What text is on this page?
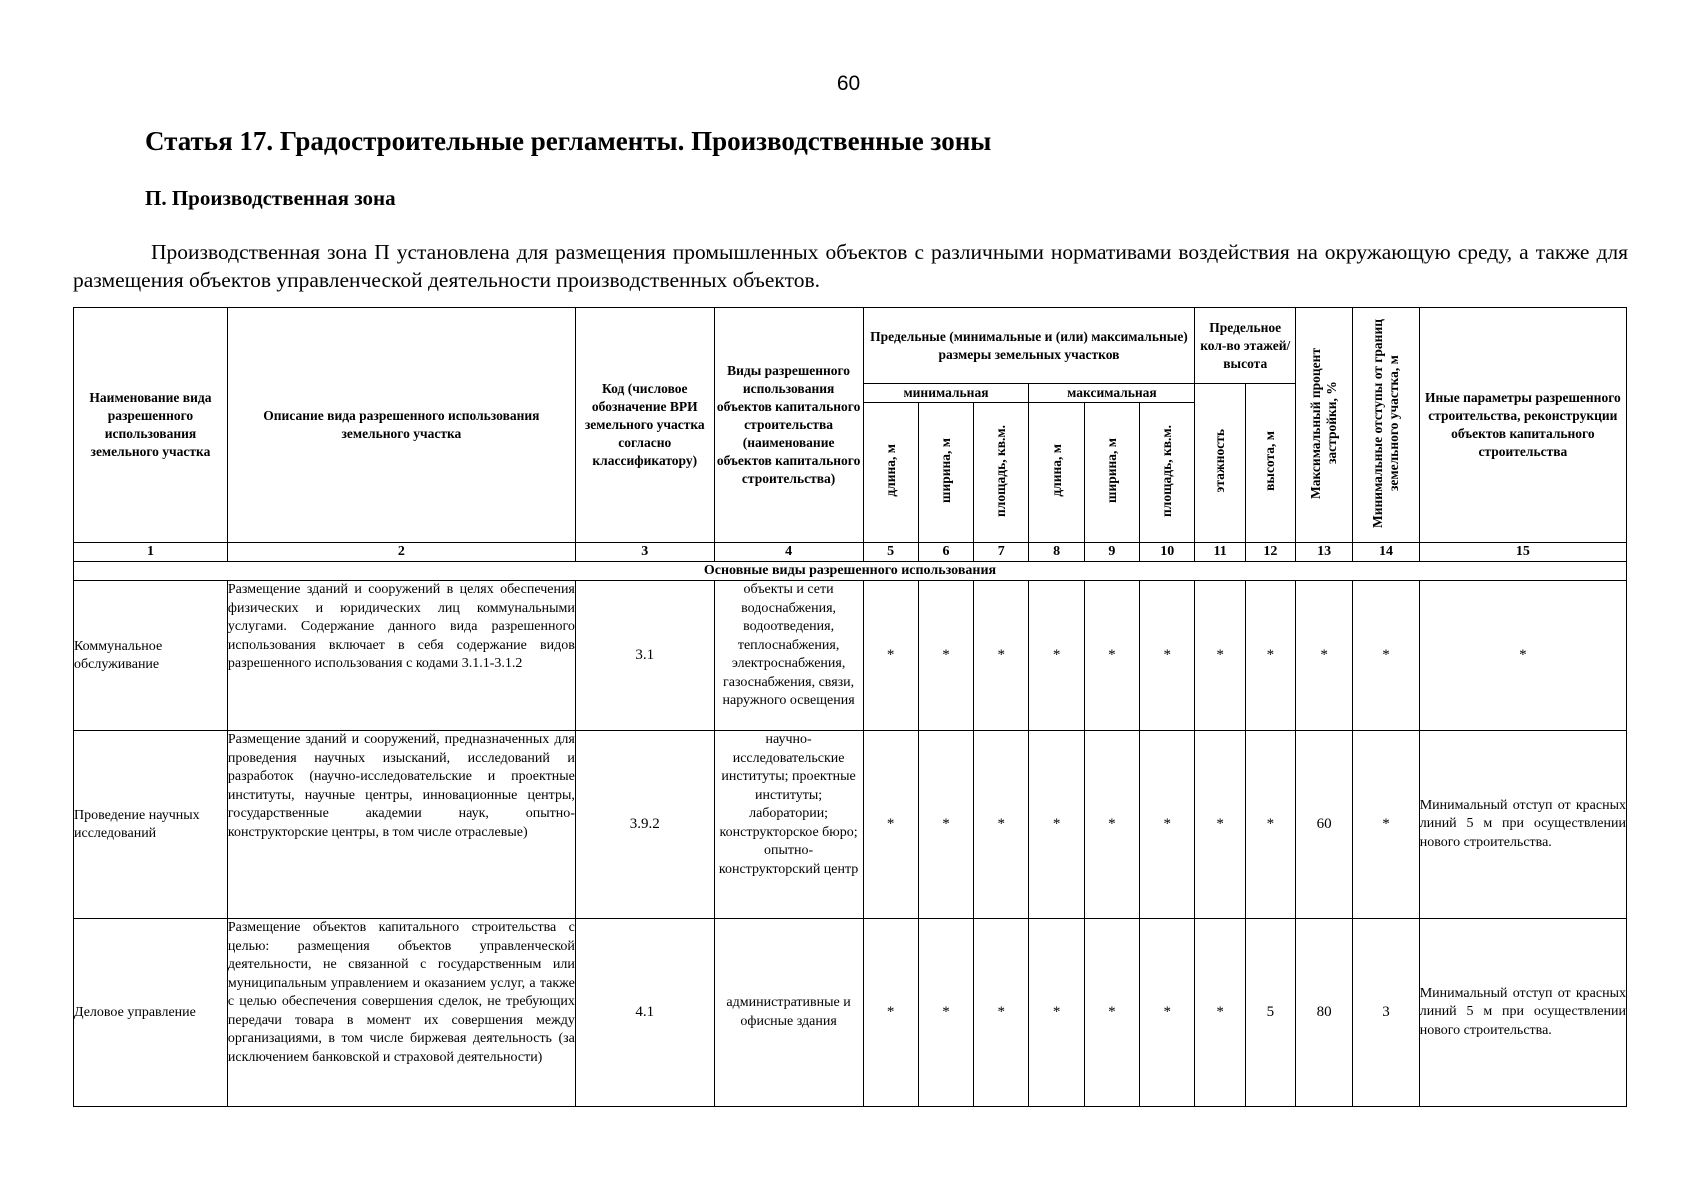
60
Статья 17. Градостроительные регламенты. Производственные зоны
П. Производственная зона

Производственная зона П установлена для размещения промышленных объектов с различными нормативами воздействия на окружающую среду, а также для размещения объектов управленческой деятельности производственных объектов.

Наименование вида разрешенного использования земельного участка	Описание вида разрешенного использования земельного участка	Код (числовое обозначение ВРИ земельного участка согласно классификатору)	Виды разрешенного использования объектов капитального строительства (наименование объектов капитального строительства)	Предельные (минимальные и (или) максимальные) размеры земельных участков						Предельное кол-во этажей/ высота		Максимальный процент застройки, %	Минимальные отступы от границ земельного участка, м	Иные параметры разрешенного строительства, реконструкции объектов капитального строительства
				минимальная			максимальная			этажность	высота, м			
				длина, м	ширина, м	площадь, кв.м.	длина, м	ширина, м	площадь, кв.м.					
1	2	3	4	5	6	7	8	9	10	11	12	13	14	15
Основные виды разрешенного использования														
Коммунальное обслуживание	Размещение зданий и сооружений в целях обеспечения физических и юридических лиц коммунальными услугами. Содержание данного вида разрешенного использования включает в себя содержание видов разрешенного использования с кодами 3.1.1-3.1.2	3.1	объекты и сети водоснабжения, водоотведения, теплоснабжения, электроснабжения, газоснабжения, связи, наружного освещения	*	*	*	*	*	*	*	*	*	*	*
Проведение научных исследований	Размещение зданий и сооружений, предназначенных для проведения научных изысканий, исследований и разработок (научно-исследовательские и проектные институты, научные центры, инновационные центры, государственные академии наук, опытно-конструкторские центры, в том числе отраслевые)	3.9.2	научно-исследовательские институты; проектные институты; лаборатории; конструкторское бюро; опытно-конструкторский центр	*	*	*	*	*	*	*	*	60	*	Минимальный отступ от красных линий 5 м при осуществлении нового строительства.
Деловое управление	Размещение объектов капитального строительства с целью: размещения объектов управленческой деятельности, не связанной с государственным или муниципальным управлением и оказанием услуг, а также с целью обеспечения совершения сделок, не требующих передачи товара в момент их совершения между организациями, в том числе биржевая деятельность (за исключением банковской и страховой деятельности)	4.1	административные и офисные здания	*	*	*	*	*	*	*	5	80	3	Минимальный отступ от красных линий 5 м при осуществлении нового строительства.
